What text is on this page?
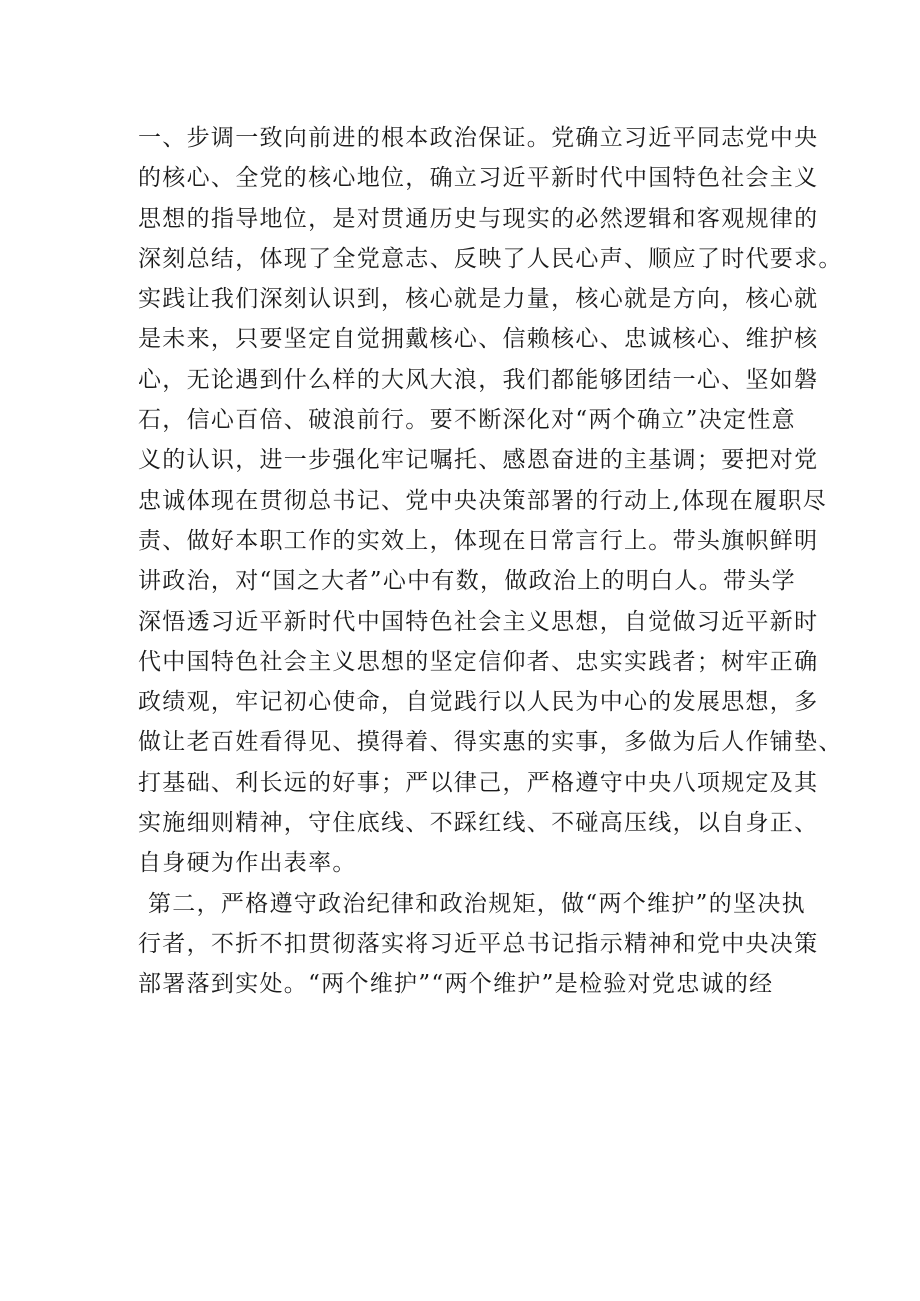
一、步调一致向前进的根本政治保证。党确立习近平同志党中央
的核心、全党的核心地位，确立习近平新时代中国特色社会主义
思想的指导地位，是对贯通历史与现实的必然逻辑和客观规律的
深刻总结，体现了全党意志、反映了人民心声、顺应了时代要求。
实践让我们深刻认识到，核心就是力量，核心就是方向，核心就
是未来，只要坚定自觉拥戴核心、信赖核心、忠诚核心、维护核
心，无论遇到什么样的大风大浪，我们都能够团结一心、坚如磐
石，信心百倍、破浪前行。要不断深化对“两个确立”决定性意
义的认识，进一步强化牢记嘱托、感恩奋进的主基调；要把对党
忠诚体现在贯彻总书记、党中央决策部署的行动上,体现在履职尽
责、做好本职工作的实效上，体现在日常言行上。带头旗帜鲜明
讲政治，对“国之大者”心中有数，做政治上的明白人。带头学
深悟透习近平新时代中国特色社会主义思想，自觉做习近平新时
代中国特色社会主义思想的坚定信仰者、忠实实践者；树牢正确
政绩观，牢记初心使命，自觉践行以人民为中心的发展思想，多
做让老百姓看得见、摸得着、得实惠的实事，多做为后人作铺垫、
打基础、利长远的好事；严以律己，严格遵守中央八项规定及其
实施细则精神，守住底线、不踩红线、不碰高压线，以自身正、
自身硬为作出表率。
第二，严格遵守政治纪律和政治规矩，做“两个维护”的坚决执
行者，不折不扣贯彻落实将习近平总书记指示精神和党中央决策
部署落到实处。“两个维护”“两个维护”是检验对党忠诚的经
